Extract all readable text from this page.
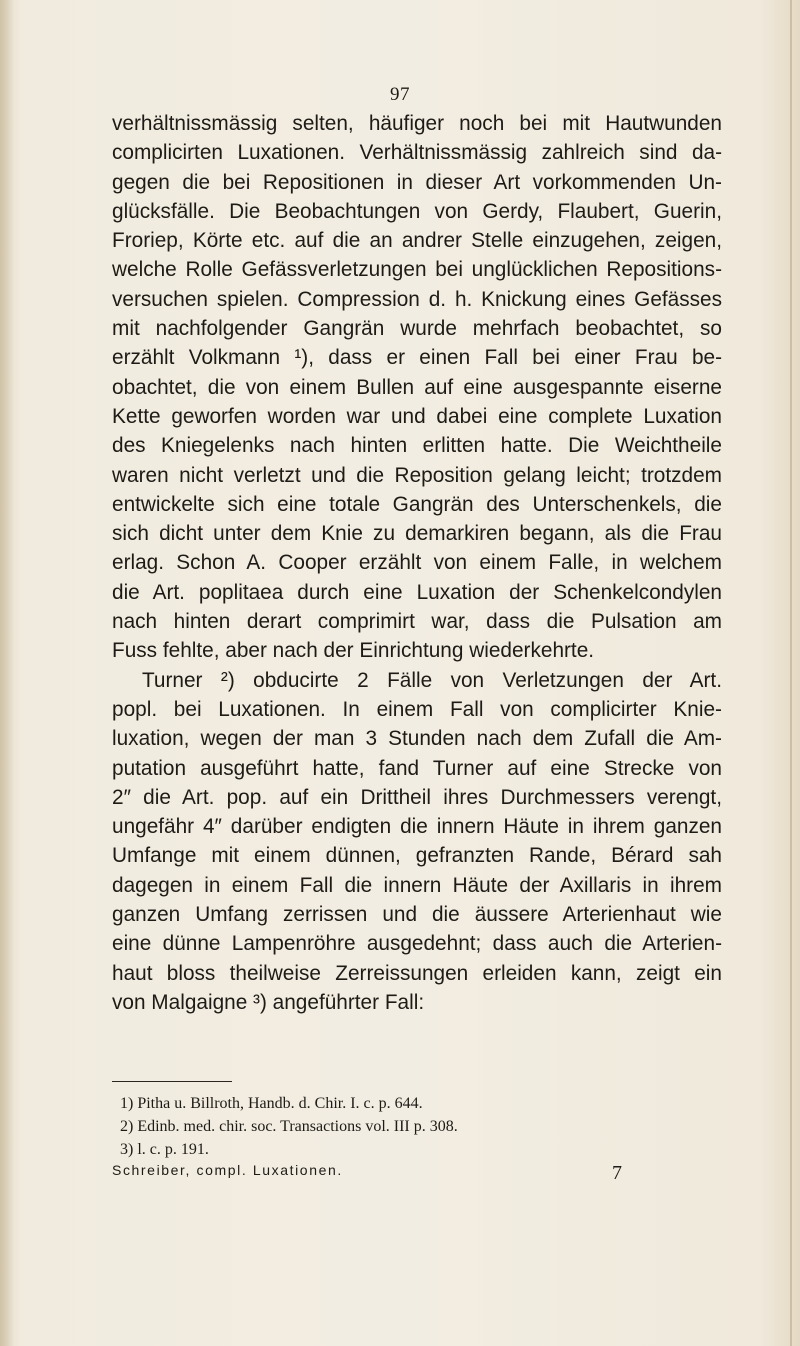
97
verhältnissmässig selten, häufiger noch bei mit Hautwunden
complicirten Luxationen. Verhältnissmässig zahlreich sind da-
gegen die bei Repositionen in dieser Art vorkommenden Un-
glücksfälle. Die Beobachtungen von Gerdy, Flaubert, Guerin,
Froriep, Körte etc. auf die an andrer Stelle einzugehen, zeigen,
welche Rolle Gefässverletzungen bei unglücklichen Repositions-
versuchen spielen. Compression d. h. Knickung eines Gefässes
mit nachfolgender Gangrän wurde mehrfach beobachtet, so
erzählt Volkmann ¹), dass er einen Fall bei einer Frau be-
obachtet, die von einem Bullen auf eine ausgespannte eiserne
Kette geworfen worden war und dabei eine complete Luxation
des Kniegelenks nach hinten erlitten hatte. Die Weichtheile
waren nicht verletzt und die Reposition gelang leicht; trotzdem
entwickelte sich eine totale Gangrän des Unterschenkels, die
sich dicht unter dem Knie zu demarkiren begann, als die Frau
erlag. Schon A. Cooper erzählt von einem Falle, in welchem
die Art. poplitaea durch eine Luxation der Schenkelcondylen
nach hinten derart comprimirt war, dass die Pulsation am
Fuss fehlte, aber nach der Einrichtung wiederkehrte.
Turner ²) obducirte 2 Fälle von Verletzungen der Art.
popl. bei Luxationen. In einem Fall von complicirter Knie-
luxation, wegen der man 3 Stunden nach dem Zufall die Am-
putation ausgeführt hatte, fand Turner auf eine Strecke von
2″ die Art. pop. auf ein Drittheil ihres Durchmessers verengt,
ungefähr 4″ darüber endigten die innern Häute in ihrem ganzen
Umfange mit einem dünnen, gefranzten Rande, Bérard sah
dagegen in einem Fall die innern Häute der Axillaris in ihrem
ganzen Umfang zerrissen und die äussere Arterienhaut wie
eine dünne Lampenröhre ausgedehnt; dass auch die Arterien-
haut bloss theilweise Zerreissungen erleiden kann, zeigt ein
von Malgaigne ³) angeführter Fall:
1) Pitha u. Billroth, Handb. d. Chir. I. c. p. 644.
2) Edinb. med. chir. soc. Transactions vol. III p. 308.
3) l. c. p. 191.
Schreiber, compl. Luxationen.	7
